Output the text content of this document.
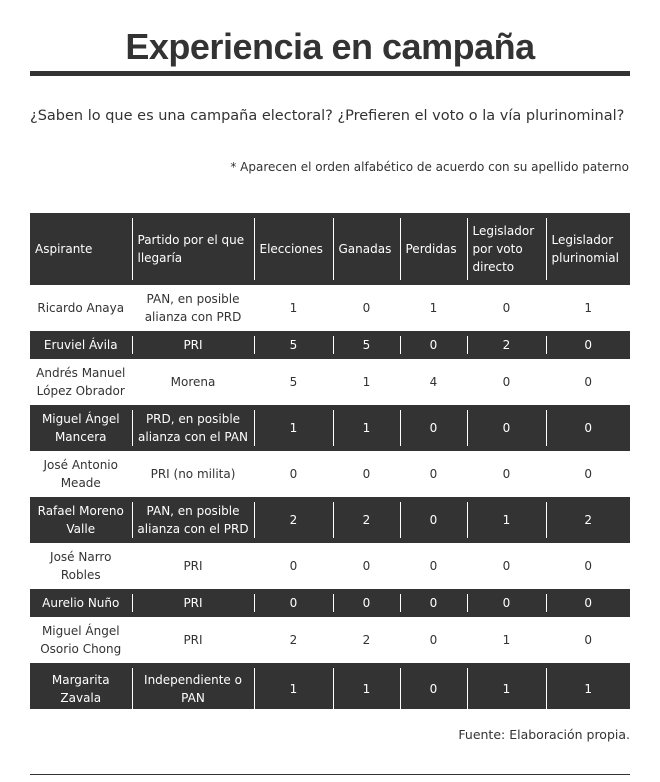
Experiencia en campaña
¿Saben lo que es una campaña electoral? ¿Prefieren el voto o la vía plurinominal?
* Aparecen el orden alfabético de acuerdo con su apellido paterno
Aspirante	Partido por el que llegaría	Elecciones	Ganadas	Perdidas	Legislador por voto directo	Legislador plurinomial
Ricardo Anaya	PAN, en posible alianza con PRD	1	0	1	0	1
Eruviel Ávila	PRI	5	5	0	2	0
Andrés Manuel López Obrador	Morena	5	1	4	0	0
Miguel Ángel Mancera	PRD, en posible alianza con el PAN	1	1	0	0	0
José Antonio Meade	PRI (no milita)	0	0	0	0	0
Rafael Moreno Valle	PAN, en posible alianza con el PRD	2	2	0	1	2
José Narro Robles	PRI	0	0	0	0	0
Aurelio Nuño	PRI	0	0	0	0	0
Miguel Ángel Osorio Chong	PRI	2	2	0	1	0
Margarita Zavala	Independiente o PAN	1	1	0	1	1
Fuente: Elaboración propia.
